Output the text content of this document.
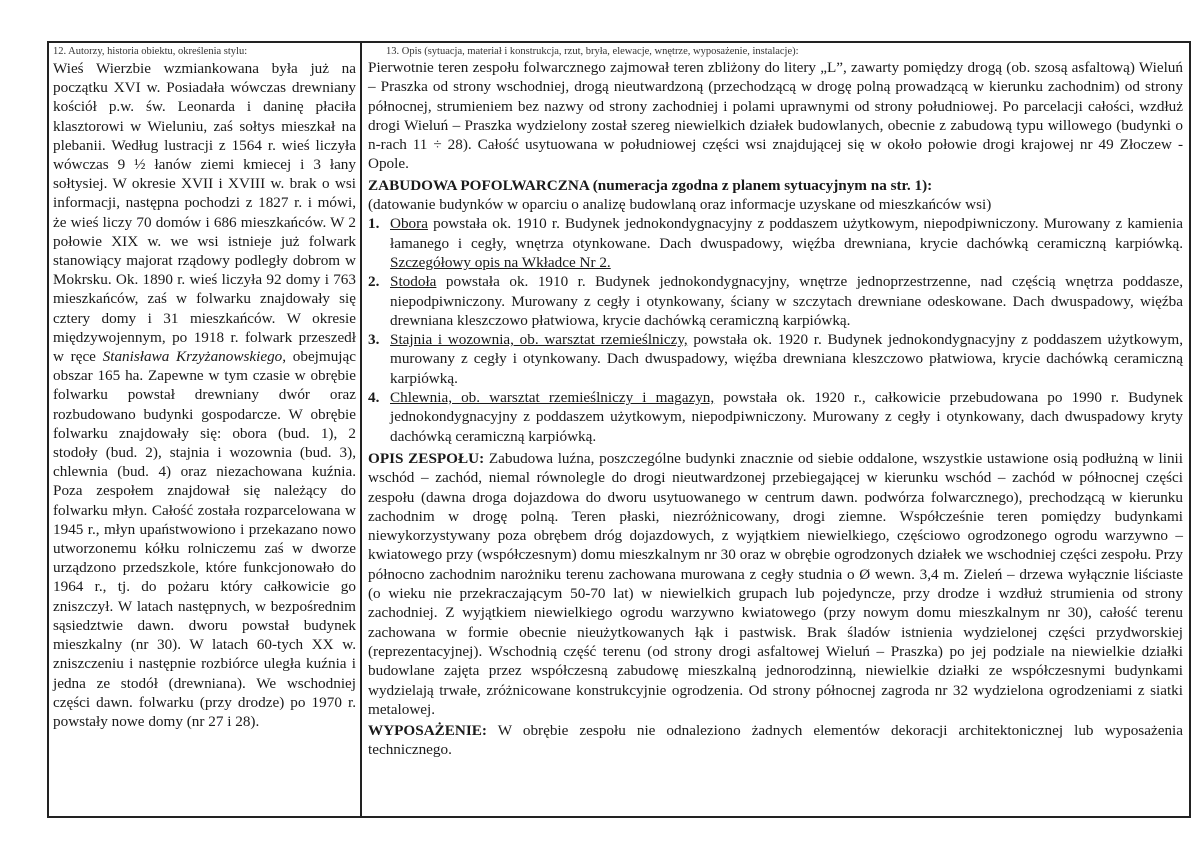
12. Autorzy, historia obiektu, określenia stylu:

Wieś Wierzbie wzmiankowana była już na początku XVI w. Posiadała wówczas drewniany kościół p.w. św. Leonarda i daninę płaciła klasztorowi w Wieluniu, zaś sołtys mieszkał na plebanii. Według lustracji z 1564 r. wieś liczyła wówczas 9 ½ łanów ziemi kmiecej i 3 łany sołtysiej. W okresie XVII i XVIII w. brak o wsi informacji, następna pochodzi z 1827 r. i mówi, że wieś liczy 70 domów i 686 mieszkańców. W 2 połowie XIX w. we wsi istnieje już folwark stanowiący majorat rządowy podległy dobrom w Mokrsku. Ok. 1890 r. wieś liczyła 92 domy i 763 mieszkańców, zaś w folwarku znajdowały się cztery domy i 31 mieszkańców. W okresie międzywojennym, po 1918 r. folwark przeszedł w ręce Stanisława Krzyżanowskiego, obejmując obszar 165 ha. Zapewne w tym czasie w obrębie folwarku powstał drewniany dwór oraz rozbudowano budynki gospodarcze. W obrębie folwarku znajdowały się: obora (bud. 1), 2 stodoły (bud. 2), stajnia i wozownia (bud. 3), chlewnia (bud. 4) oraz niezachowana kuźnia. Poza zespołem znajdował się należący do folwarku młyn. Całość została rozparcelowana w 1945 r., młyn upaństwowiono i przekazano nowo utworzonemu kółku rolniczemu zaś w dworze urządzono przedszkole, które funkcjonowało do 1964 r., tj. do pożaru który całkowicie go zniszczył. W latach następnych, w bezpośrednim sąsiedztwie dawn. dworu powstał budynek mieszkalny (nr 30). W latach 60-tych XX w. zniszczeniu i następnie rozbiórce uległa kuźnia i jedna ze stodół (drewniana). We wschodniej części dawn. folwarku (przy drodze) po 1970 r. powstały nowe domy (nr 27 i 28).

13. Opis (sytuacja, materiał i konstrukcja, rzut, bryła, elewacje, wnętrze, wyposażenie, instalacje):

Pierwotnie teren zespołu folwarcznego zajmował teren zbliżony do litery „L”, zawarty pomiędzy drogą (ob. szosą asfaltową) Wieluń – Praszka od strony wschodniej, drogą nieutwardzoną (przechodzącą w drogę polną prowadzącą w kierunku zachodnim) od strony północnej, strumieniem bez nazwy od strony zachodniej i polami uprawnymi od strony południowej. Po parcelacji całości, wzdłuż drogi Wieluń – Praszka wydzielony został szereg niewielkich działek budowlanych, obecnie z zabudową typu willowego (budynki o n-rach 11 ÷ 28). Całość usytuowana w południowej części wsi znajdującej się w około połowie drogi krajowej nr 49 Złoczew - Opole.

ZABUDOWA POFOLWARCZNA (numeracja zgodna z planem sytuacyjnym na str. 1):
(datowanie budynków w oparciu o analizę budowlaną oraz informacje uzyskane od mieszkańców wsi)
1. Obora powstała ok. 1910 r. Budynek jednokondygnacyjny z poddaszem użytkowym, niepodpiwniczony. Murowany z kamienia łamanego i cegły, wnętrza otynkowane. Dach dwuspadowy, więźba drewniana, krycie dachówką ceramiczną karpiówką. Szczegółowy opis na Wkładce Nr 2.
2. Stodoła powstała ok. 1910 r. Budynek jednokondygnacyjny, wnętrze jednoprzestrzenne, nad częścią wnętrza poddasze, niepodpiwniczony. Murowany z cegły i otynkowany, ściany w szczytach drewniane odeskowane. Dach dwuspadowy, więźba drewniana kleszczowo płatwiowa, krycie dachówką ceramiczną karpiówką.
3. Stajnia i wozownia, ob. warsztat rzemieślniczy, powstała ok. 1920 r. Budynek jednokondygnacyjny z poddaszem użytkowym, murowany z cegły i otynkowany. Dach dwuspadowy, więźba drewniana kleszczowo płatwiowa, krycie dachówką ceramiczną karpiówką.
4. Chlewnia, ob. warsztat rzemieślniczy i magazyn, powstała ok. 1920 r., całkowicie przebudowana po 1990 r. Budynek jednokondygnacyjny z poddaszem użytkowym, niepodpiwniczony. Murowany z cegły i otynkowany, dach dwuspadowy kryty dachówką ceramiczną karpiówką.

OPIS ZESPOŁU: Zabudowa luźna, poszczególne budynki znacznie od siebie oddalone, wszystkie ustawione osią podłużną w linii wschód – zachód, niemal równolegle do drogi nieutwardzonej przebiegającej w kierunku wschód – zachód w północnej części zespołu (dawna droga dojazdowa do dworu usytuowanego w centrum dawn. podwórza folwarcznego), prechodzącą w kierunku zachodnim w drogę polną. Teren płaski, niezróżnicowany, drogi ziemne. Współcześnie teren pomiędzy budynkami niewykorzystywany poza obrębem dróg dojazdowych, z wyjątkiem niewielkiego, częściowo ogrodzonego ogrodu warzywno – kwiatowego przy (współczesnym) domu mieszkalnym nr 30 oraz w obrębie ogrodzonych działek we wschodniej części zespołu. Przy północno zachodnim narożniku terenu zachowana murowana z cegły studnia o Ø wewn. 3,4 m. Zieleń – drzewa wyłącznie liściaste (o wieku nie przekraczającym 50-70 lat) w niewielkich grupach lub pojedyncze, przy drodze i wzdłuż strumienia od strony zachodniej. Z wyjątkiem niewielkiego ogrodu warzywno kwiatowego (przy nowym domu mieszkalnym nr 30), całość terenu zachowana w formie obecnie nieużytkowanych łąk i pastwisk. Brak śladów istnienia wydzielonej części przydworskiej (reprezentacyjnej). Wschodnią część terenu (od strony drogi asfaltowej Wieluń – Praszka) po jej podziale na niewielkie działki budowlane zajęta przez współczesną zabudowę mieszkalną jednorodzinną, niewielkie działki ze współczesnymi budynkami wydzielają trwałe, zróżnicowane konstrukcyjnie ogrodzenia. Od strony północnej zagroda nr 32 wydzielona ogrodzeniami z siatki metalowej.

WYPOSAŻENIE: W obrębie zespołu nie odnaleziono żadnych elementów dekoracji architektonicznej lub wyposażenia technicznego.
